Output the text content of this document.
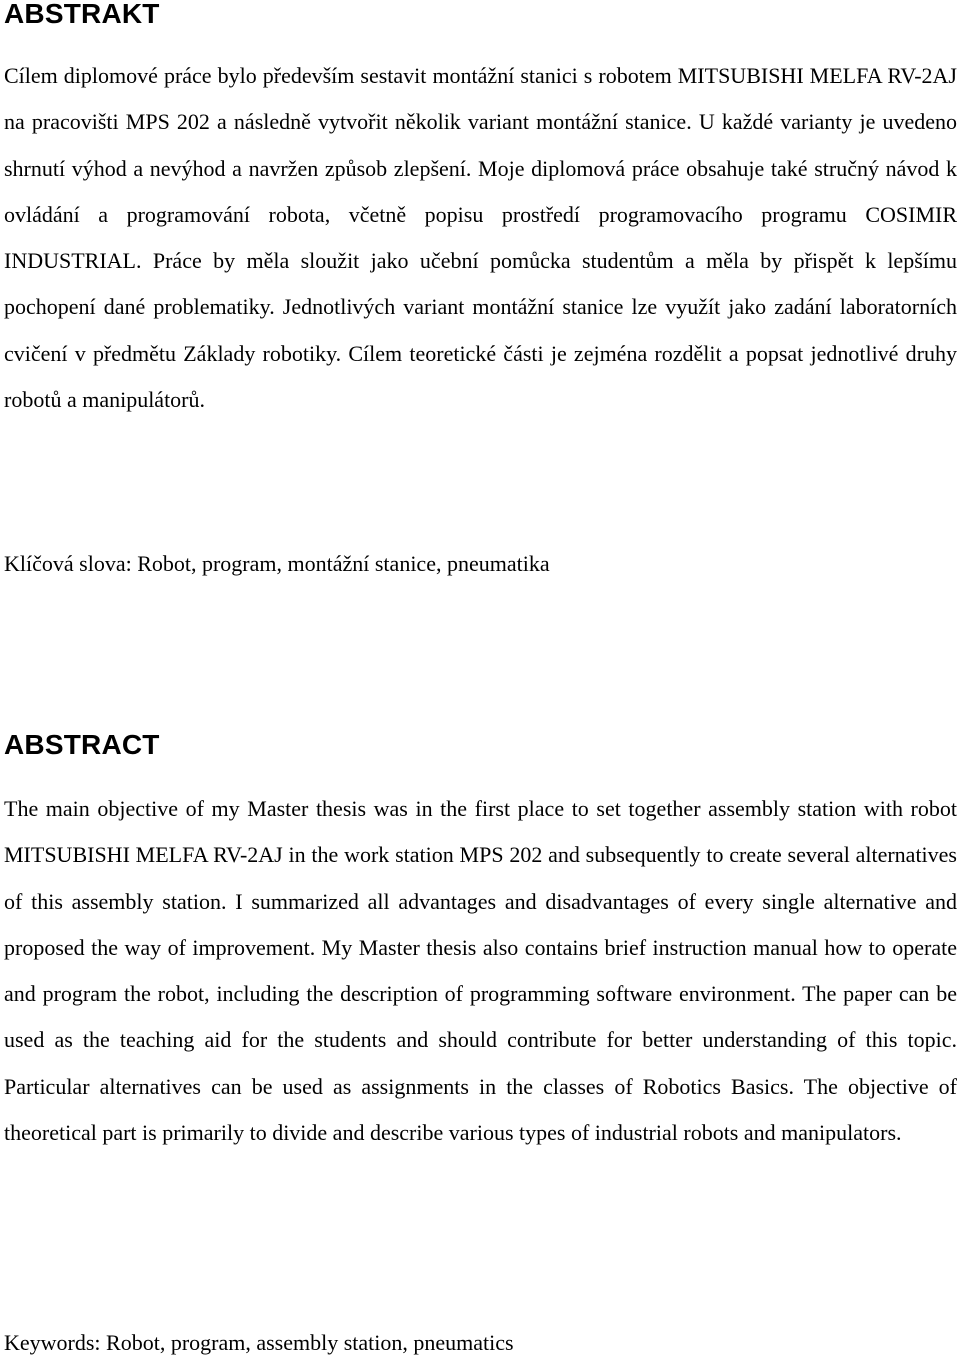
ABSTRAKT

Cílem diplomové práce bylo především sestavit montážní stanici s robotem MITSUBISHI MELFA RV-2AJ na pracovišti MPS 202 a následně vytvořit několik variant montážní stanice. U každé varianty je uvedeno shrnutí výhod a nevýhod a navržen způsob zlepšení. Moje diplomová práce obsahuje také stručný návod k ovládání a programování robota, včetně popisu prostředí programovacího programu COSIMIR INDUSTRIAL. Práce by měla sloužit jako učební pomůcka studentům a měla by přispět k lepšímu pochopení dané problematiky. Jednotlivých variant montážní stanice lze využít jako zadání laboratorních cvičení v předmětu Základy robotiky. Cílem teoretické části je zejména rozdělit a popsat jednotlivé druhy robotů a manipulátorů.

Klíčová slova: Robot, program, montážní stanice, pneumatika

ABSTRACT

The main objective of my Master thesis was in the first place to set together assembly station with robot MITSUBISHI MELFA RV-2AJ in the work station MPS 202 and subsequently to create several alternatives of this assembly station. I summarized all advantages and disadvantages of every single alternative and proposed the way of improvement. My Master thesis also contains brief instruction manual how to operate and program the robot, including the description of programming software environment. The paper can be used as the teaching aid for the students and should contribute for better understanding of this topic. Particular alternatives can be used as assignments in the classes of Robotics Basics. The objective of theoretical part is primarily to divide and describe various types of industrial robots and manipulators.

Keywords: Robot, program, assembly station, pneumatics
